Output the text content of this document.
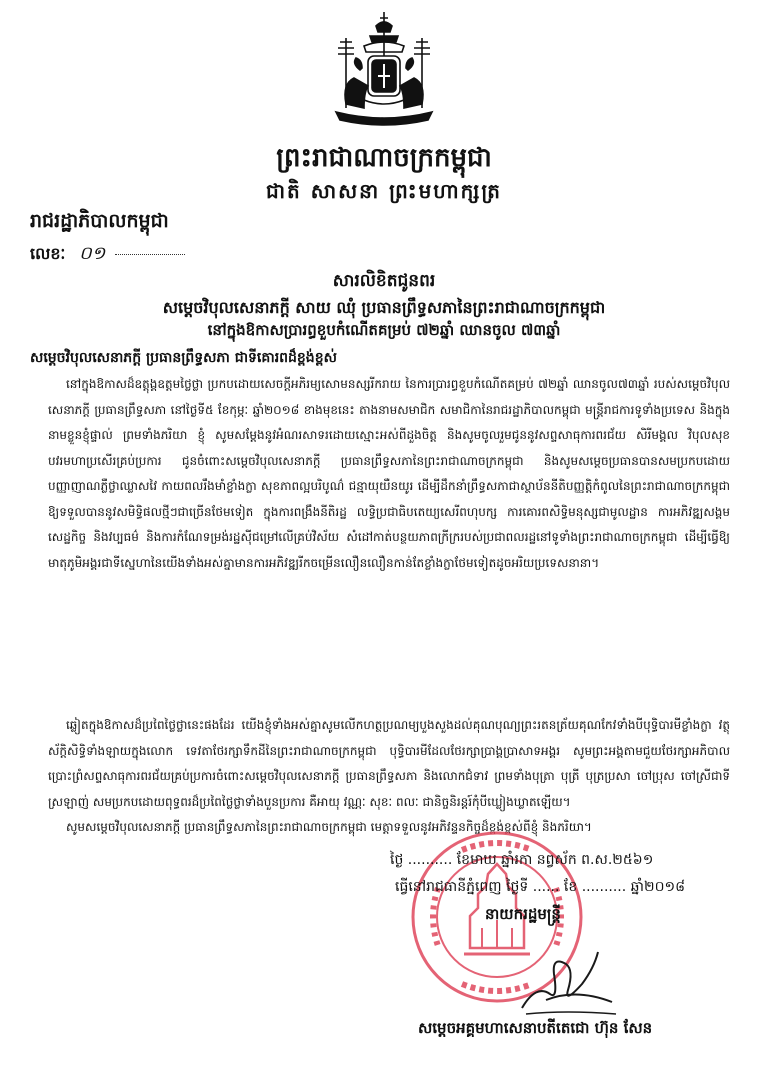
ព្រះរាជាណាចក្រកម្ពុជា
ជាតិ សាសនា ព្រះមហាក្សត្រ
រាជរដ្ឋាភិបាលកម្ពុជា
លេខៈ ០១
សារលិខិតជូនពរ
សម្តេចវិបុលសេនាភក្តី សាយ ឈុំ ប្រធានព្រឹទ្ធសភានៃព្រះរាជាណាចក្រកម្ពុជា
នៅក្នុងឱកាសប្រារព្ធខួបកំណើតគម្រប់ ៧២ឆ្នាំ ឈានចូល ៧៣ឆ្នាំ
សម្តេចវិបុលសេនាភក្តី ប្រធានព្រឹទ្ធសភា ជាទីគោរពដ៏ខ្ពង់ខ្ពស់
នៅក្នុងឱកាសដ៏ឧត្តុង្គឧត្តមថ្លៃថ្លា ប្រកបដោយសេចក្តីអភិរម្យសោមនស្សរីករាយ នៃការប្រារព្ធខួបកំណើតគម្រប់ ៧២ឆ្នាំ ឈានចូល៧៣ឆ្នាំ របស់សម្តេចវិបុលសេនាភក្តី ប្រធានព្រឹទ្ធសភា នៅថ្ងៃទី៥ ខែកុម្ភៈ ឆ្នាំ២០១៨ ខាងមុខនេះ តាងនាមសមាជិក សមាជិកានៃរាជរដ្ឋាភិបាលកម្ពុជា មន្ត្រីរាជការទូទាំងប្រទេស និងក្នុងនាមខ្លួនខ្ញុំផ្ទាល់ ព្រមទាំងភរិយា ខ្ញុំ សូមសម្តែងនូវអំណរសាទរដោយស្មោះអស់ពីដួងចិត្ត និងសូមចូលរួមជូននូវសព្ទសាធុការពរជ័យ សិរីមង្គល វិបុលសុខ បវរមហាប្រសើរគ្រប់ប្រការ ជូនចំពោះសម្តេចវិបុលសេនាភក្តី ប្រធានព្រឹទ្ធសភានៃព្រះរាជាណាចក្រកម្ពុជា និងសូមសម្តេចប្រធានបានសមប្រកបដោយបញ្ញាញាណភ្លឺថ្លាឈ្លាសវៃ កាយពលរឹងមាំខ្លាំងក្លា សុខភាពល្អបរិបូណ៌ ជន្មាយុយឺនយូរ ដើម្បីដឹកនាំព្រឹទ្ធសភាជាស្ថាប័ននីតិបញ្ញត្តិកំពូលនៃព្រះរាជាណាចក្រកម្ពុជា ឱ្យទទួលបាននូវសមិទ្ធិផលថ្មីៗជាច្រើនថែមទៀត ក្នុងការពង្រឹងនីតិរដ្ឋ លទ្ធិប្រជាធិបតេយ្យសេរីពហុបក្ស ការគោរពសិទ្ធិមនុស្សជាមូលដ្ឋាន ការអភិវឌ្ឍសង្គមសេដ្ឋកិច្ច និងវប្បធម៌ និងការកំណែទម្រង់រដ្ឋស៊ីជម្រៅលើគ្រប់វិស័យ សំដៅកាត់បន្ថយភាពក្រីក្ររបស់ប្រជាពលរដ្ឋនៅទូទាំងព្រះរាជាណាចក្រកម្ពុជា ដើម្បីធ្វើឱ្យមាតុភូមិអង្គរជាទីស្នេហានៃយើងទាំងអស់គ្នាមានការអភិវឌ្ឍរីកចម្រើនលឿនលឿនកាន់តែខ្លាំងក្លាថែមទៀតដូចអរិយប្រទេសនានា។
ឆ្លៀតក្នុងឱកាសដ៏ប្រពៃថ្លៃថ្លានេះផងដែរ យើងខ្ញុំទាំងអស់គ្នាសូមលើកហត្ថប្រណម្យបួងសួងដល់គុណបុណ្យព្រះរតនត្រ័យគុណកែវទាំងបីបុទ្ធិបារមីខ្លាំងក្លា វត្ថុស័ក្តិសិទ្ធិទាំងឡាយក្នុងលោក ទេវតាថែរក្សាទឹកដីនៃព្រះរាជាណាចក្រកម្ពុជា បុទ្ធិបារមីដែលថែរក្សាប្រាង្គប្រាសាទអង្គរ សូមព្រះអង្គតាមជួយថែរក្សាអភិបាលប្រោះព្រំសព្ទសាធុការពរជ័យគ្រប់ប្រការចំពោះសម្តេចវិបុលសេនាភក្តី ប្រធានព្រឹទ្ធសភា និងលោកជំទាវ ព្រមទាំងបុត្រា បុត្រី បុត្រប្រសា ចៅប្រុស ចៅស្រីជាទីស្រឡាញ់ សមប្រកបដោយពុទ្ធពរដ៏ប្រពៃថ្លៃថ្លាទាំងបួនប្រការ គឺអាយុ វណ្ណៈ សុខៈ ពលៈ ជានិច្ចនិរន្តរ៍កុំបីឃ្លៀងឃ្លាតឡើយ។
សូមសម្តេចវិបុលសេនាភក្តី ប្រធានព្រឹទ្ធសភានៃព្រះរាជាណាចក្រកម្ពុជា មេត្តាទទួលនូវអភិវន្ទនកិច្ចដ៏ខ្ពង់ខ្ពស់ពីខ្ញុំ និងភរិយា។
ថ្ងៃ .......... ខែមាឃ ឆ្នាំរកា នព្វស័ក ព.ស.២៥៦១
ធ្វើនៅរាជធានីភ្នំពេញ ថ្ងៃទី ...... ខែ .......... ឆ្នាំ២០១៨
នាយករដ្ឋមន្ត្រី
សម្តេចអគ្គមហាសេនាបតីតេជោ ហ៊ុន សែន
